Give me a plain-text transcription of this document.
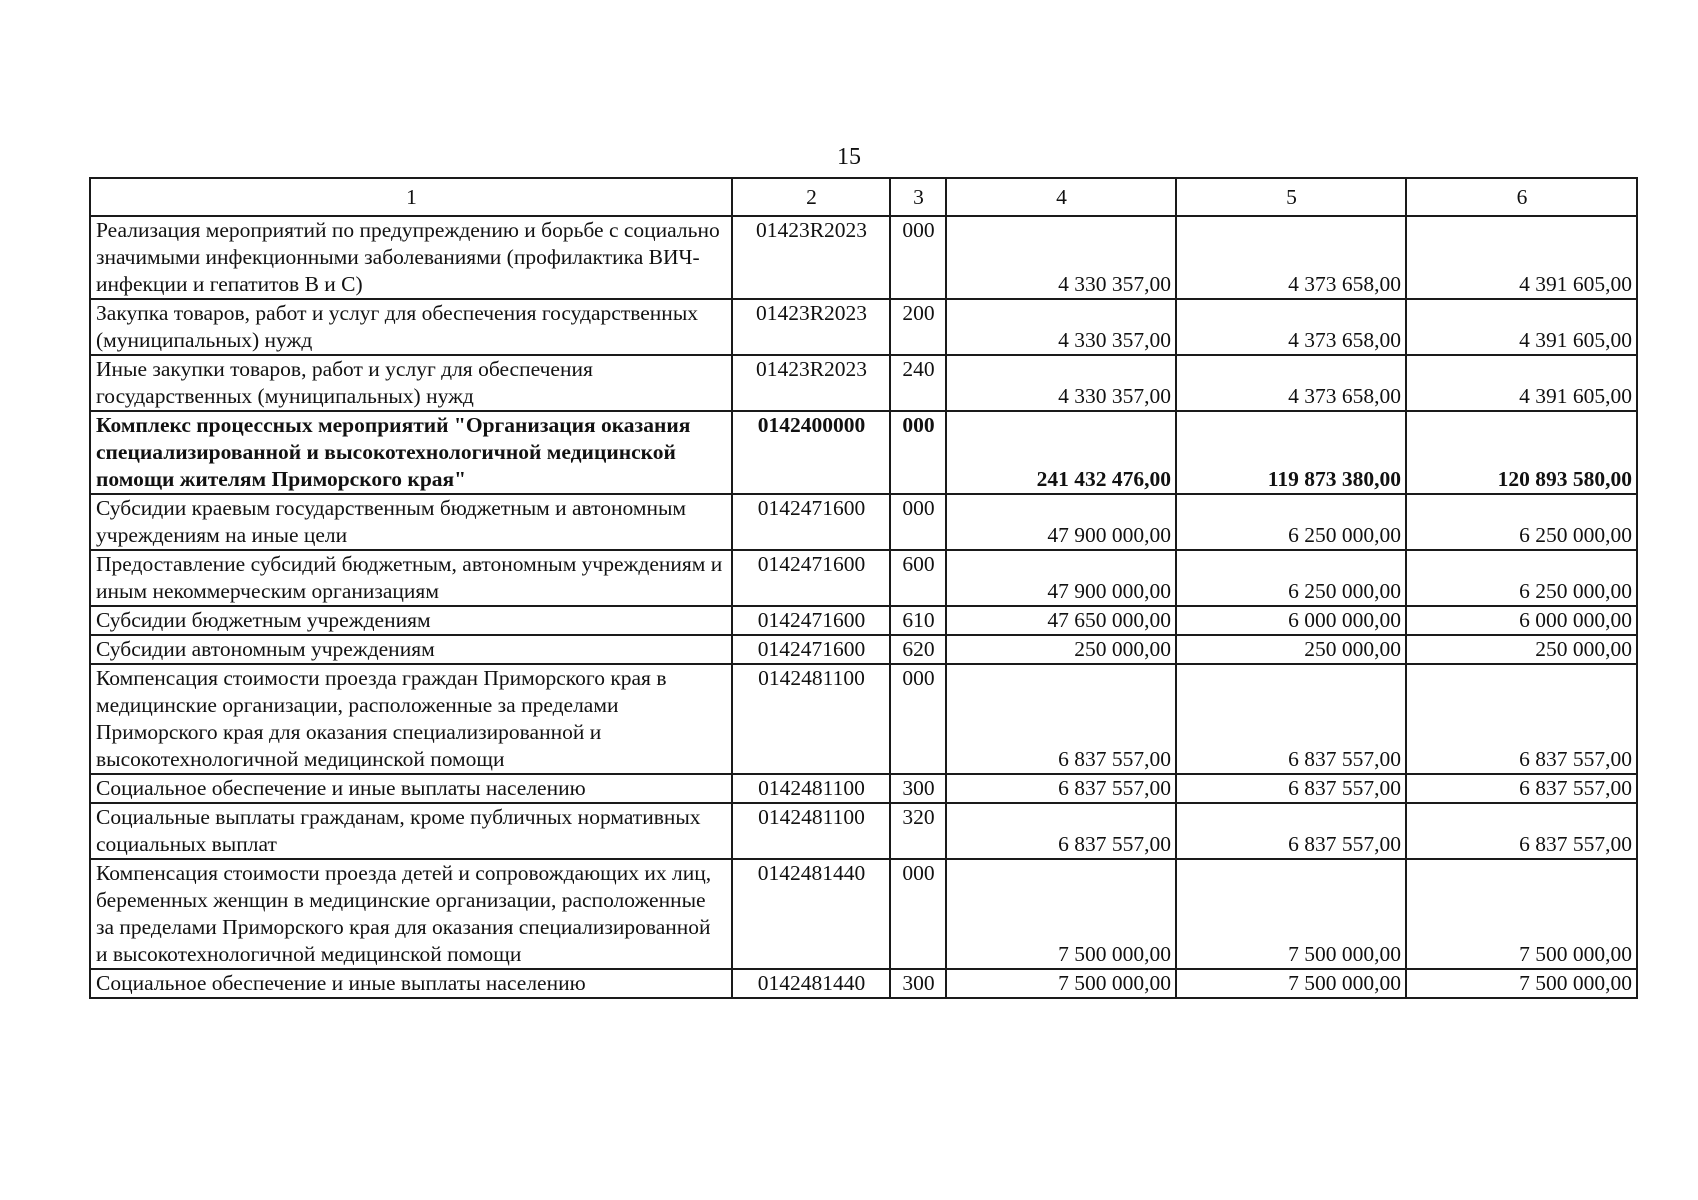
15
1	2	3	4	5	6
Реализация мероприятий по предупреждению и борьбе с социально значимыми инфекционными заболеваниями (профилактика ВИЧ-инфекции и гепатитов В и С)	01423R2023	000	4 330 357,00	4 373 658,00	4 391 605,00
Закупка товаров, работ и услуг для обеспечения государственных (муниципальных) нужд	01423R2023	200	4 330 357,00	4 373 658,00	4 391 605,00
Иные закупки товаров, работ и услуг для обеспечения государственных (муниципальных) нужд	01423R2023	240	4 330 357,00	4 373 658,00	4 391 605,00
Комплекс процессных мероприятий "Организация оказания специализированной и высокотехнологичной медицинской помощи жителям Приморского края"	0142400000	000	241 432 476,00	119 873 380,00	120 893 580,00
Субсидии краевым государственным бюджетным и автономным учреждениям на иные цели	0142471600	000	47 900 000,00	6 250 000,00	6 250 000,00
Предоставление субсидий бюджетным, автономным учреждениям и иным некоммерческим организациям	0142471600	600	47 900 000,00	6 250 000,00	6 250 000,00
Субсидии бюджетным учреждениям	0142471600	610	47 650 000,00	6 000 000,00	6 000 000,00
Субсидии автономным учреждениям	0142471600	620	250 000,00	250 000,00	250 000,00
Компенсация стоимости проезда граждан Приморского края в медицинские организации, расположенные за пределами Приморского края для оказания специализированной и высокотехнологичной медицинской помощи	0142481100	000	6 837 557,00	6 837 557,00	6 837 557,00
Социальное обеспечение и иные выплаты населению	0142481100	300	6 837 557,00	6 837 557,00	6 837 557,00
Социальные выплаты гражданам, кроме публичных нормативных социальных выплат	0142481100	320	6 837 557,00	6 837 557,00	6 837 557,00
Компенсация стоимости проезда детей и сопровождающих их лиц, беременных женщин в медицинские организации, расположенные за пределами Приморского края для оказания специализированной и высокотехнологичной медицинской помощи	0142481440	000	7 500 000,00	7 500 000,00	7 500 000,00
Социальное обеспечение и иные выплаты населению	0142481440	300	7 500 000,00	7 500 000,00	7 500 000,00
